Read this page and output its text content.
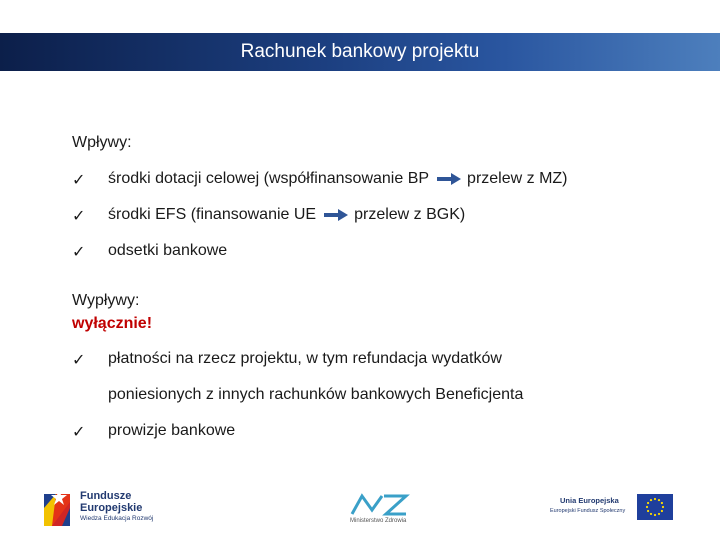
Rachunek bankowy projektu
Wpływy:
✓	środki dotacji celowej (współfinansowanie BP przelew z MZ)
✓	środki EFS (finansowanie UE przelew z BGK)
✓	odsetki bankowe
Wypływy:
wyłącznie!
✓	płatności na rzecz projektu, w tym refundacja wydatków
poniesionych z innych rachunków bankowych Beneficjenta
✓	prowizje bankowe
Fundusze
Europejskie
Wiedza Edukacja Rozwój	Ministerstwo Zdrowia
Unia Europejska
Europejski Fundusz Społeczny
